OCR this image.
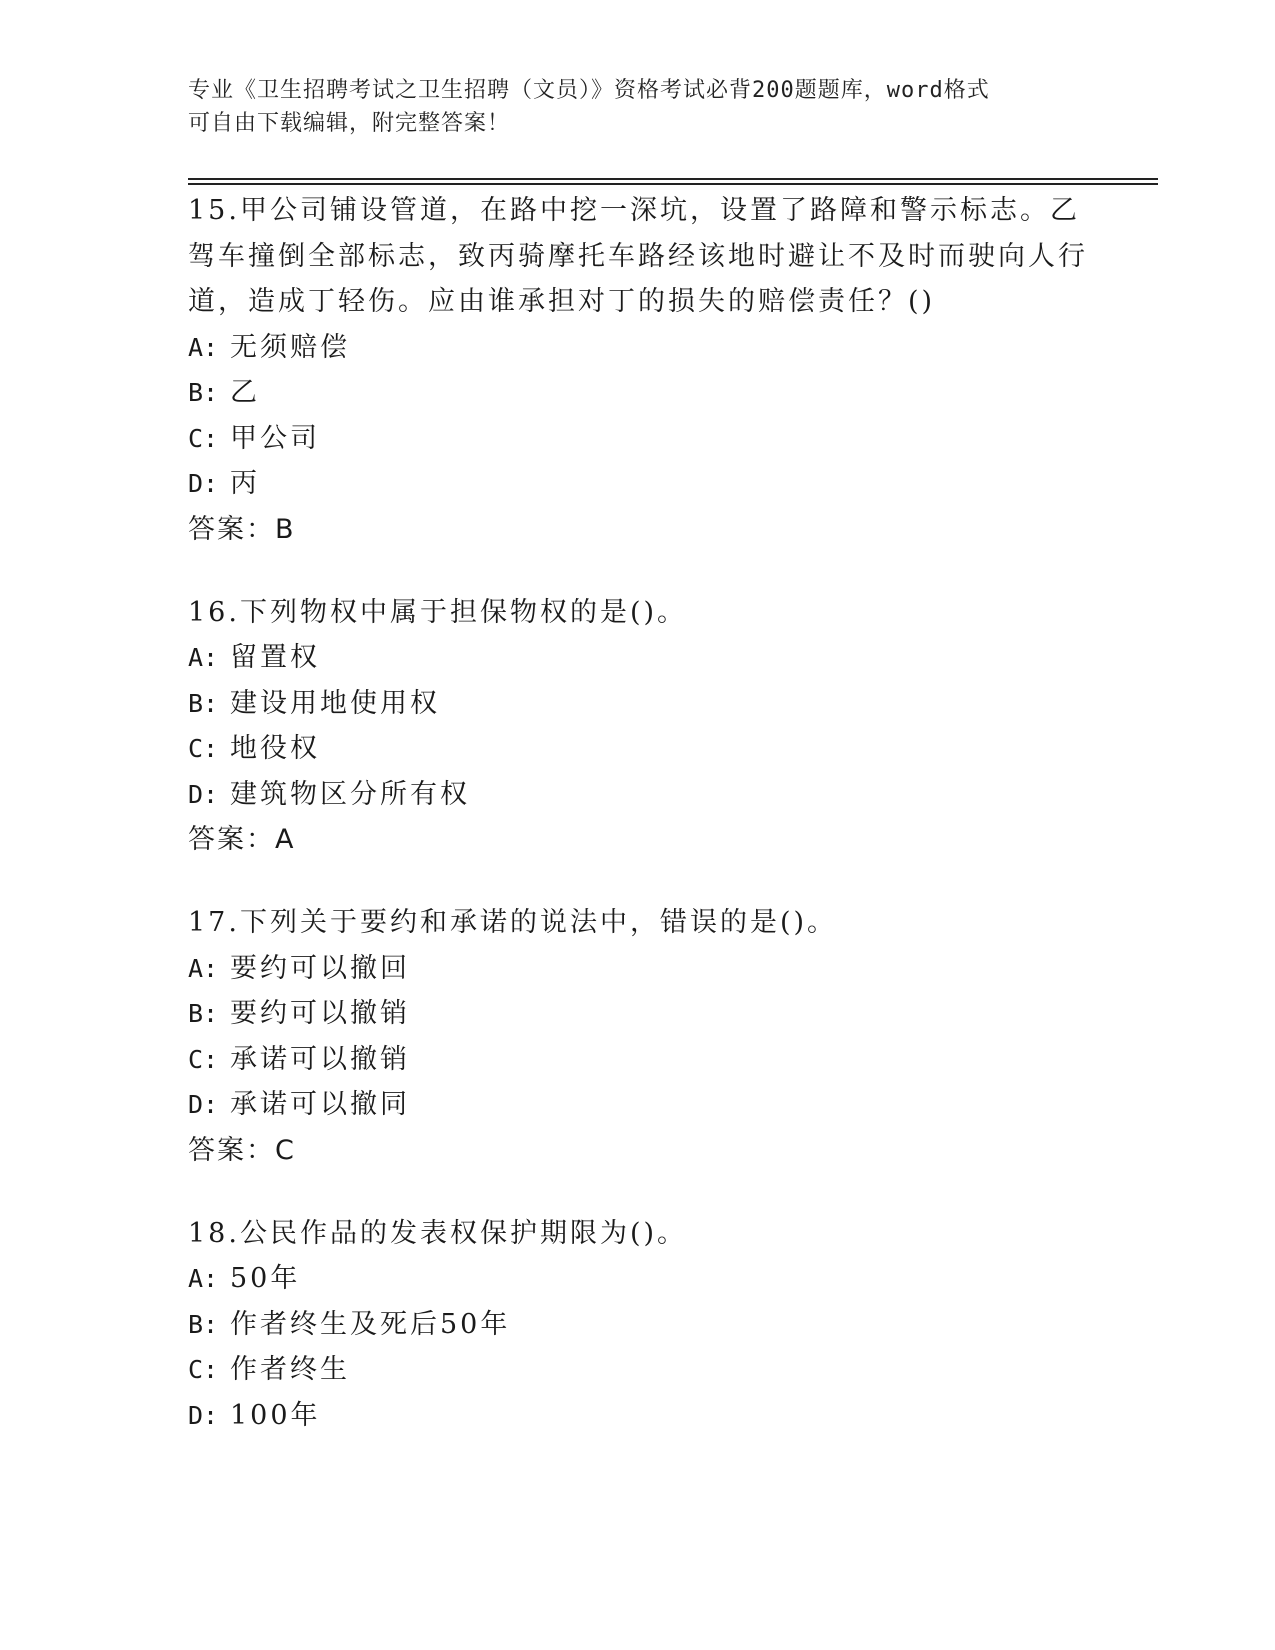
专业《卫生招聘考试之卫生招聘（文员）》资格考试必背200题题库，word格式
可自由下载编辑，附完整答案！

15.甲公司铺设管道，在路中挖一深坑，设置了路障和警示标志。乙驾车撞倒全部标志，致丙骑摩托车路经该地时避让不及时而驶向人行道，造成丁轻伤。应由谁承担对丁的损失的赔偿责任？()

A: 无须赔偿

B: 乙

C: 甲公司

D: 丙

答案：B

16.下列物权中属于担保物权的是()。

A: 留置权

B: 建设用地使用权

C: 地役权

D: 建筑物区分所有权

答案：A

17.下列关于要约和承诺的说法中，错误的是()。

A: 要约可以撤回

B: 要约可以撤销

C: 承诺可以撤销

D: 承诺可以撤同

答案：C

18.公民作品的发表权保护期限为()。

A: 50年

B: 作者终生及死后50年

C: 作者终生

D: 100年
